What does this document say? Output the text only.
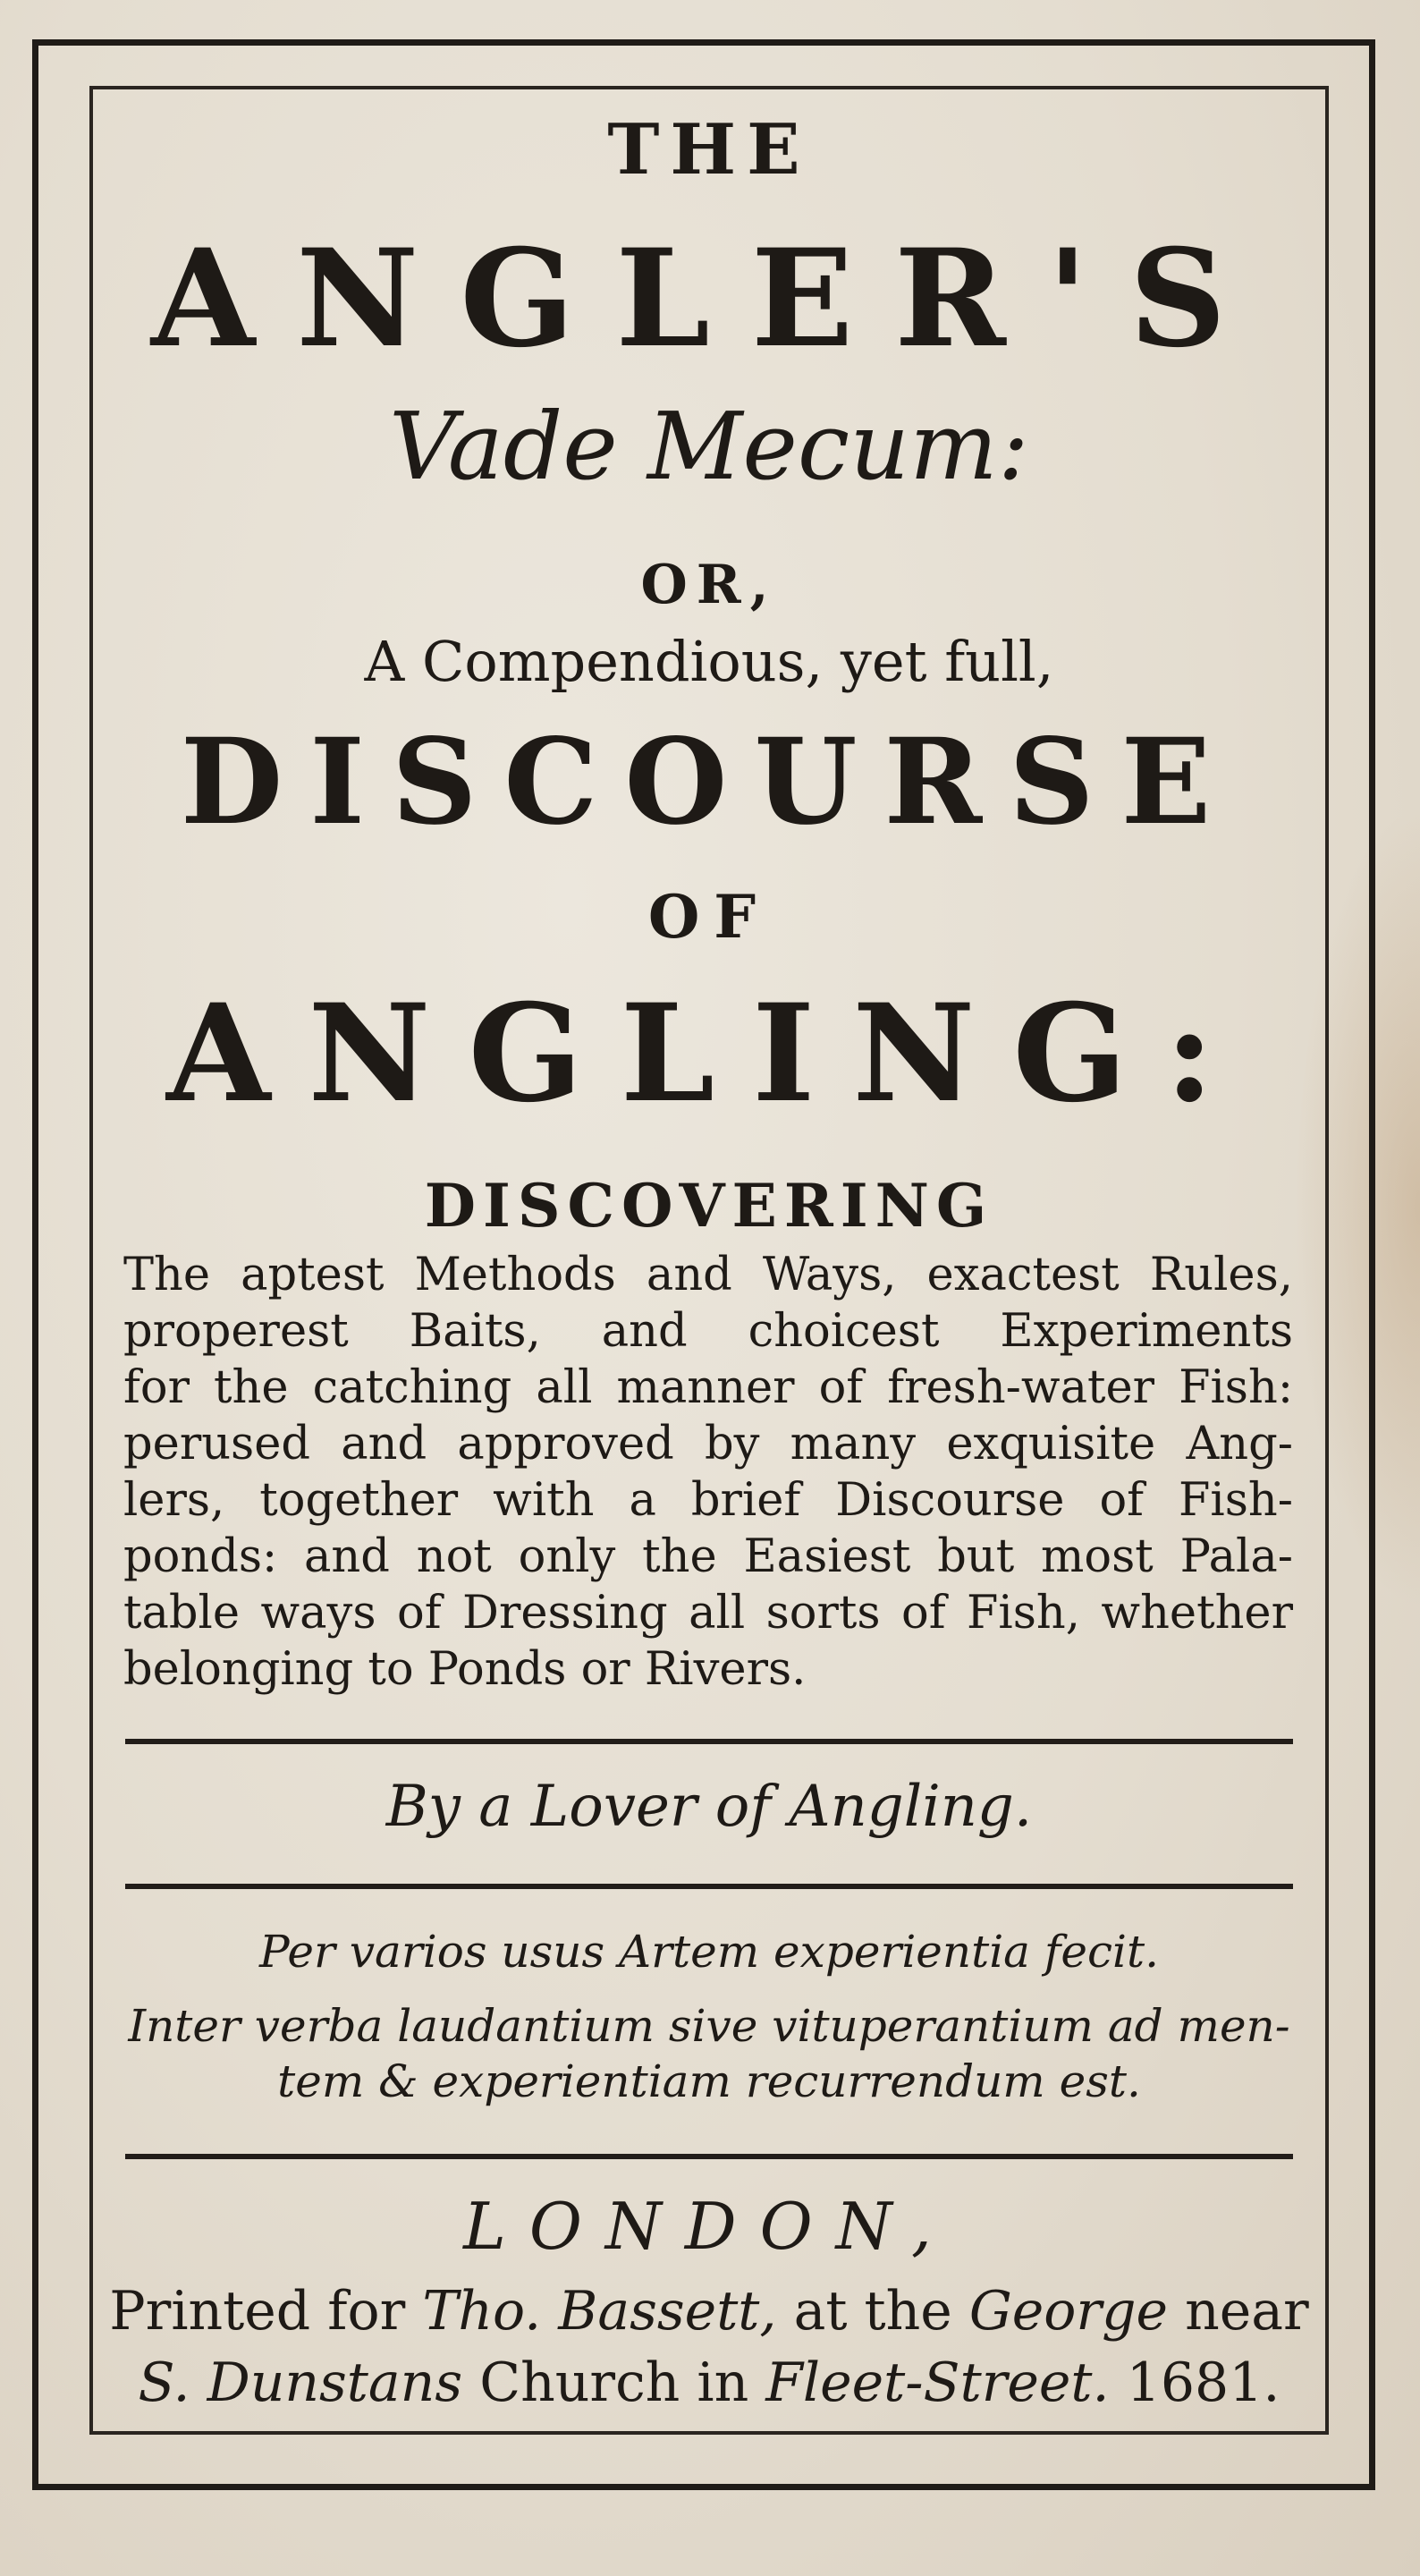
THE
ANGLER'S
Vade Mecum:
OR,
A Compendious, yet full,
DISCOURSE
OF
ANGLING:
DISCOVERING
The aptest Methods and Ways, exactest Rules,
properest Baits, and choicest Experiments
for the catching all manner of fresh-water Fish:
perused and approved by many exquisite Ang-
lers, together with a brief Discourse of Fish-
ponds: and not only the Easiest but most Pala-
table ways of Dressing all sorts of Fish, whether
belonging to Ponds or Rivers.
By a Lover of Angling.
Per varios usus Artem experientia fecit.
Inter verba laudantium sive vituperantium ad men-
tem & experientiam recurrendum est.
LONDON,
Printed for Tho. Bassett, at the George near
S. Dunstans Church in Fleet-Street. 1681.
